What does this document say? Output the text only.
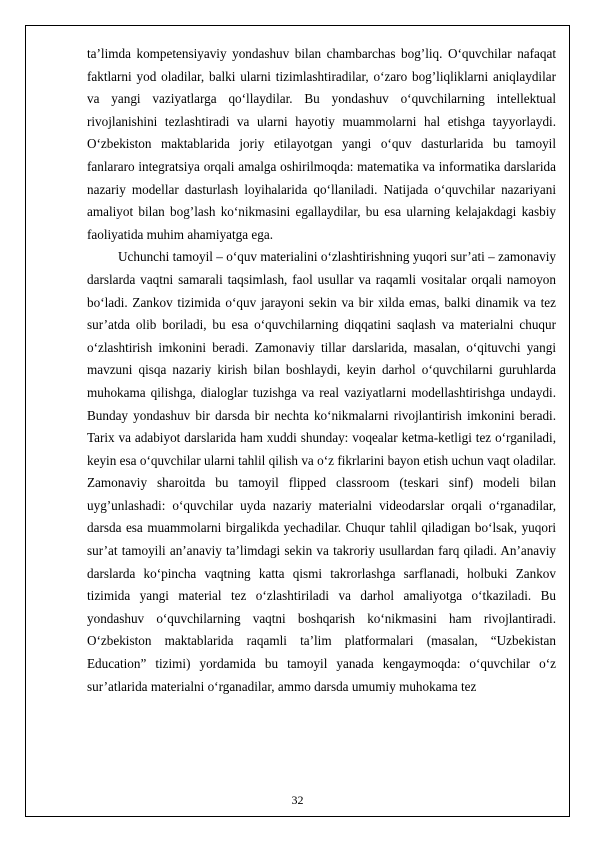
ta’limda kompetensiyaviy yondashuv bilan chambarchas bog’liq. O‘quvchilar nafaqat faktlarni yod oladilar, balki ularni tizimlashtiradilar, o‘zaro bog’liqliklarni aniqlaydilar va yangi vaziyatlarga qo‘llaydilar. Bu yondashuv o‘quvchilarning intellektual rivojlanishini tezlashtiradi va ularni hayotiy muammolarni hal etishga tayyorlaydi. O‘zbekiston maktablarida joriy etilayotgan yangi o‘quv dasturlarida bu tamoyil fanlararo integratsiya orqali amalga oshirilmoqda: matematika va informatika darslarida nazariy modellar dasturlash loyihalarida qo‘llaniladi. Natijada o‘quvchilar nazariyani amaliyot bilan bog’lash ko‘nikmasini egallaydilar, bu esa ularning kelajakdagi kasbiy faoliyatida muhim ahamiyatga ega.

Uchunchi tamoyil – o‘quv materialini o‘zlashtirishning yuqori sur’ati – zamonaviy darslarda vaqtni samarali taqsimlash, faol usullar va raqamli vositalar orqali namoyon bo‘ladi. Zankov tizimida o‘quv jarayoni sekin va bir xilda emas, balki dinamik va tez sur’atda olib boriladi, bu esa o‘quvchilarning diqqatini saqlash va materialni chuqur o‘zlashtirish imkonini beradi. Zamonaviy tillar darslarida, masalan, o‘qituvchi yangi mavzuni qisqa nazariy kirish bilan boshlaydi, keyin darhol o‘quvchilarni guruhlarda muhokama qilishga, dialoglar tuzishga va real vaziyatlarni modellashtirishga undaydi. Bunday yondashuv bir darsda bir nechta ko‘nikmalarni rivojlantirish imkonini beradi. Tarix va adabiyot darslarida ham xuddi shunday: voqealar ketma-ketligi tez o‘rganiladi, keyin esa o‘quvchilar ularni tahlil qilish va o‘z fikrlarini bayon etish uchun vaqt oladilar. Zamonaviy sharoitda bu tamoyil flipped classroom (teskari sinf) modeli bilan uyg’unlashadi: o‘quvchilar uyda nazariy materialni videodarslar orqali o‘rganadilar, darsda esa muammolarni birgalikda yechadilar. Chuqur tahlil qiladigan bo‘lsak, yuqori sur’at tamoyili an’anaviy ta’limdagi sekin va takroriy usullardan farq qiladi. An’anaviy darslarda ko‘pincha vaqtning katta qismi takrorlashga sarflanadi, holbuki Zankov tizimida yangi material tez o‘zlashtiriladi va darhol amaliyotga o‘tkaziladi. Bu yondashuv o‘quvchilarning vaqtni boshqarish ko‘nikmasini ham rivojlantiradi. O‘zbekiston maktablarida raqamli ta’lim platformalari (masalan, “Uzbekistan Education” tizimi) yordamida bu tamoyil yanada kengaymoqda: o‘quvchilar o‘z sur’atlarida materialni o‘rganadilar, ammo darsda umumiy muhokama tez

32
